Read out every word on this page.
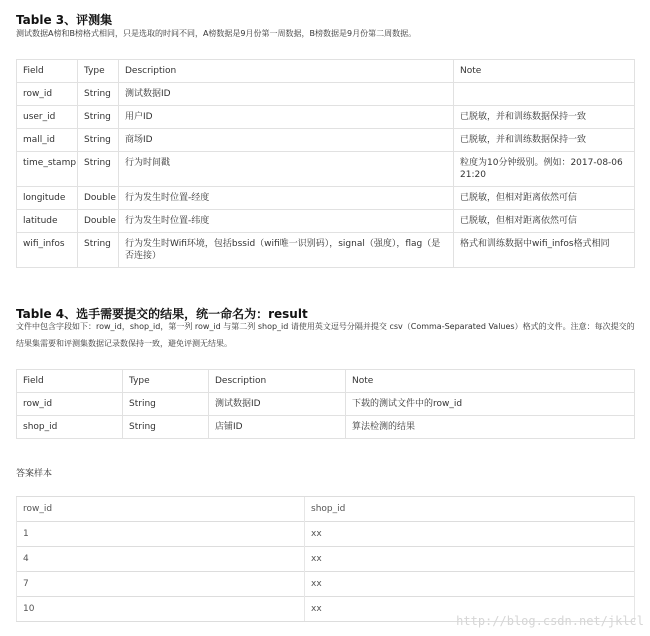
Table 3、评测集
测试数据A榜和B榜格式相同，只是选取的时间不同，A榜数据是9月份第一周数据，B榜数据是9月份第二周数据。
Field	Type	Description	Note

row_id	String	测试数据ID	

user_id	String	用户ID	已脱敏，并和训练数据保持一致

mall_id	String	商场ID	已脱敏，并和训练数据保持一致

time_stamp	String	行为时间戳	粒度为10分钟级别。例如：2017-08-06 21:20

longitude	Double	行为发生时位置-经度	已脱敏，但相对距离依然可信

latitude	Double	行为发生时位置-纬度	已脱敏，但相对距离依然可信

wifi_infos	String	行为发生时Wifi环境，包括bssid（wifi唯一识别码），signal（强度），flag（是否连接）	格式和训练数据中wifi_infos格式相同
Table 4、选手需要提交的结果，统一命名为：result
文件中包含字段如下：row_id，shop_id，第一列 row_id 与第二列 shop_id 请使用英文逗号分隔并提交 csv（Comma-Separated Values）格式的文件。注意：每次提交的结果集需要和评测集数据记录数保持一致，避免评测无结果。
Field	Type	Description	Note

row_id	String	测试数据ID	下载的测试文件中的row_id

shop_id	String	店铺ID	算法检测的结果
答案样本
row_id	shop_id
1	xx
4	xx
7	xx
10	xx
http://blog.csdn.net/jklcl
